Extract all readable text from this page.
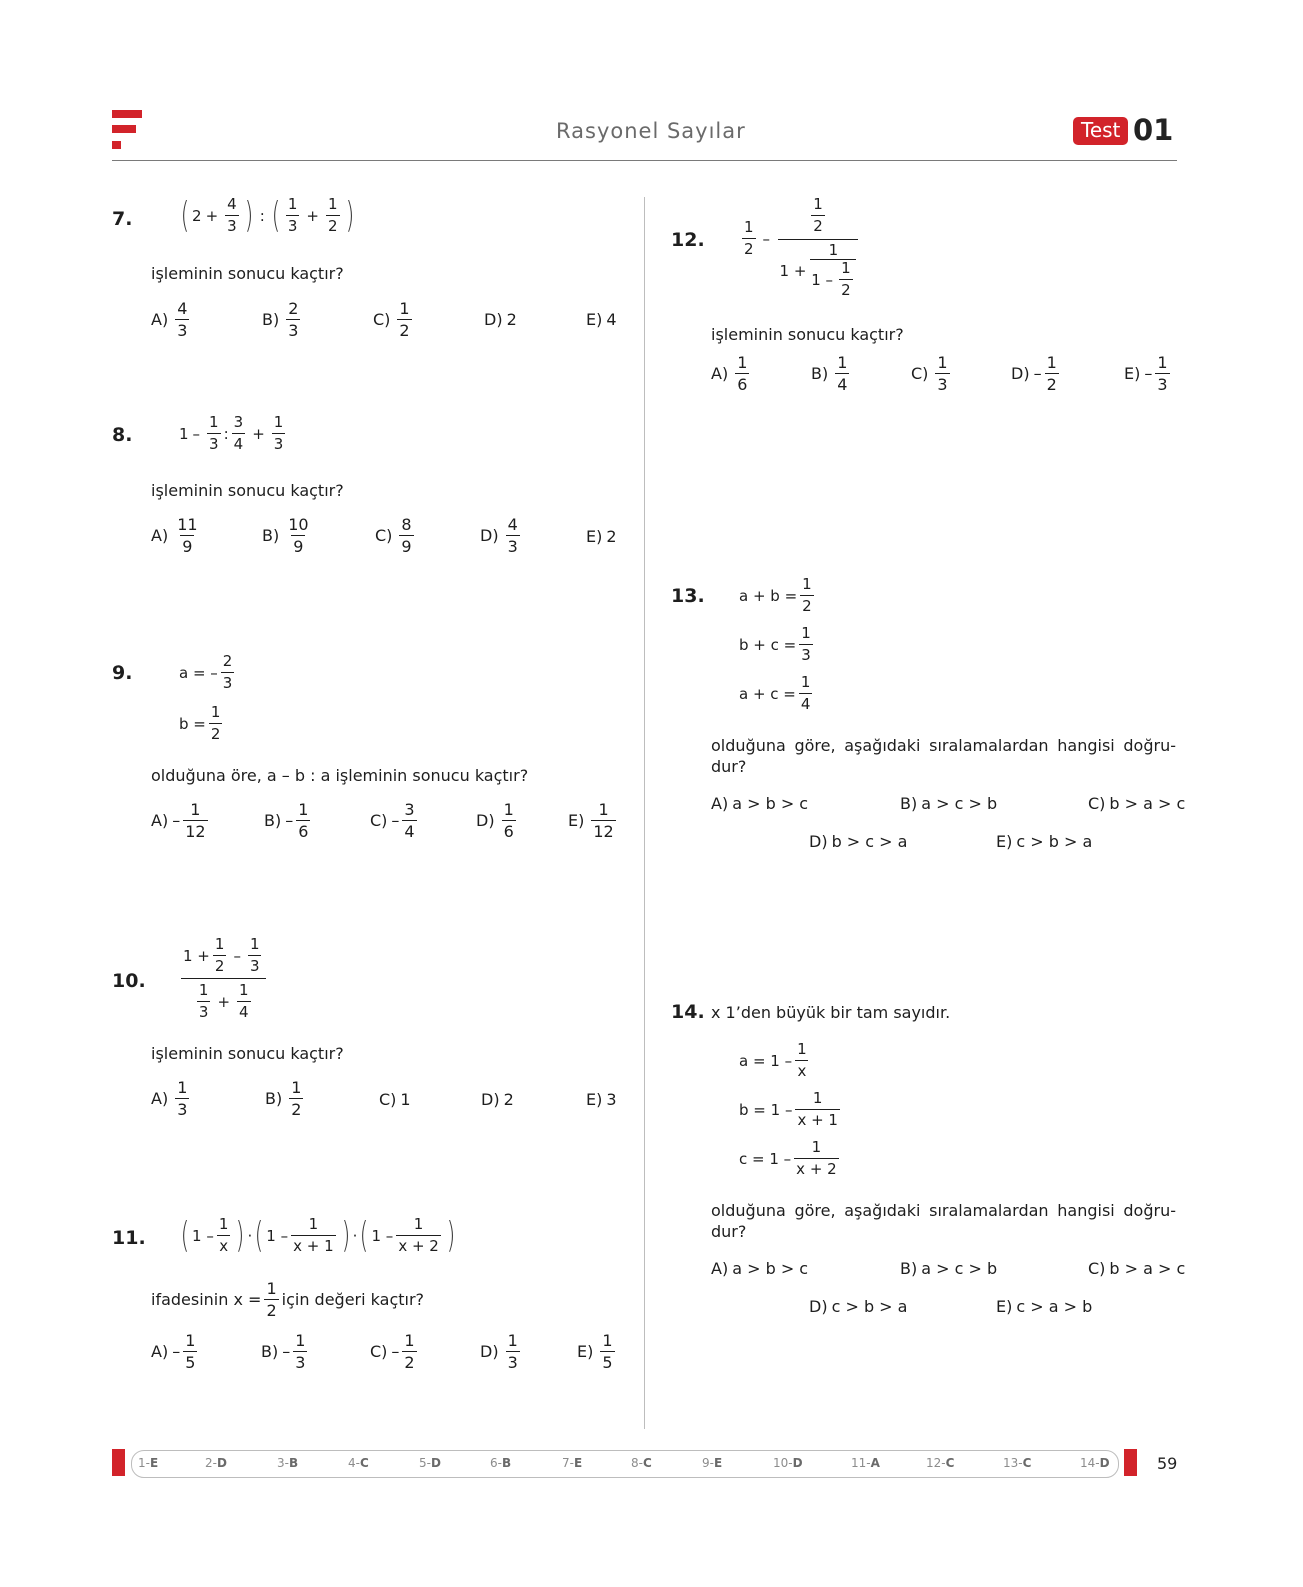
Rasyonel Sayılar	Test 01
7. ( $2 + \frac{4}{3}$ ) : ( $\frac{1}{3} + \frac{1}{2}$ )
işleminin sonucu kaçtır?
$A) \frac{4}{3}$	$B) \frac{2}{3}$	$C) \frac{1}{2}$	D) 2	E) 4
8.	$1 - \frac{1}{3}$ : $\frac{3}{4} + \frac{1}{3}$
işleminin sonucu kaçtır?
$A) \frac{11}{9}$	$B) \frac{10}{9}$	$C) \frac{8}{9}$	$D) \frac{4}{3}$	E) 2
9.	a = – $\frac{2}{3}$
$b = \frac{1}{2}$
olduğuna öre, a – b : a işleminin sonucu kaçtır?
$A) - \frac{1}{12}$	$B) - \frac{1}{6}$	$C) - \frac{3}{4}$	$D) \frac{1}{6}$	$E) \frac{1}{12}$
10.
$1 + \frac{1}{2} - \frac{1}{3}$
$\frac{1}{3} + \frac{1}{4}$
işleminin sonucu kaçtır?
$A) \frac{1}{3}$	$B) \frac{1}{2}$	C) 1	D) 2	E) 3
11. ( $1 - \frac{1}{x}$ ) · ( $1 - \frac{1}{x + 1}$ ) · ( $1 - \frac{1}{x + 2}$ )
ifadesinin $x = \frac{1}{2}$ için değeri kaçtır?
$A) - \frac{1}{5}$	$B) - \frac{1}{3}$	$C) - \frac{1}{2}$	$D) \frac{1}{3}$	$E) \frac{1}{5}$
12. $\frac{1}{2}$ –
$\frac{1}{2}$
1 +
1
$1 - \frac{1}{2}$
işleminin sonucu kaçtır?
$A) \frac{1}{6}$	$B) \frac{1}{4}$	$C) \frac{1}{3}$	$D) - \frac{1}{2}$	$E) - \frac{1}{3}$
13. $a + b = \frac{1}{2}$
$b + c = \frac{1}{3}$
$a + c = \frac{1}{4}$
olduğuna göre, aşağıdaki sıralamalardan hangisi doğru-dur?
A) a > b > c	B) a > c > b	C) b > a > c
D) b > c > a	E) c > b > a
14. x 1’den büyük bir tam sayıdır.
$a = 1 - \frac{1}{x}$
$b = 1 - \frac{1}{x + 1}$
$c = 1 - \frac{1}{x + 2}$
olduğuna göre, aşağıdaki sıralamalardan hangisi doğru-dur?
A) a > b > c	B) a > c > b	C) b > a > c
D) c > b > a	E) c > a > b
1-E	2-D	3-B	4-C	5-D	6-B	7-E	8-C	9-E	10-D	11-A	12-C	13-C	14-D	59
